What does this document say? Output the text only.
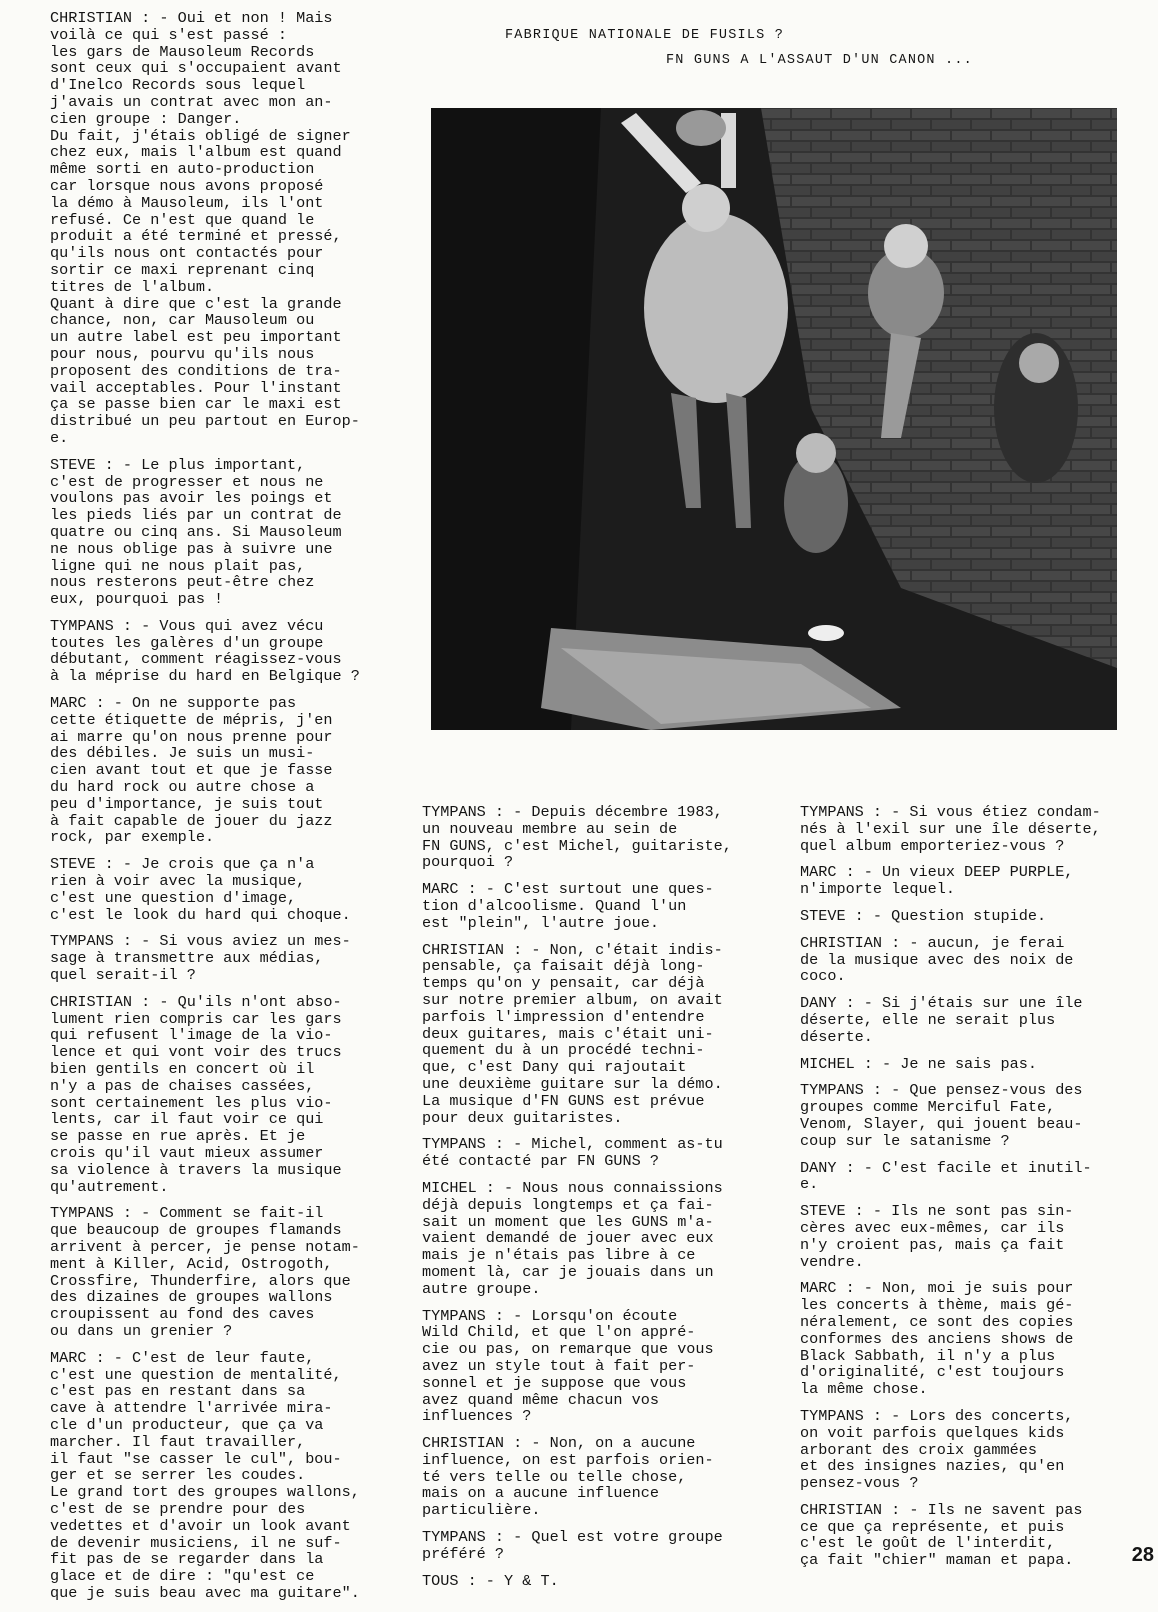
CHRISTIAN : - Oui et non ! Mais
voilà ce qui s'est passé :
les gars de Mausoleum Records
sont ceux qui s'occupaient avant
d'Inelco Records sous lequel
j'avais un contrat avec mon an-
cien groupe : Danger.
Du fait, j'étais obligé de signer
chez eux, mais l'album est quand
même sorti en auto-production
car lorsque nous avons proposé
la démo à Mausoleum, ils l'ont
refusé. Ce n'est que quand le
produit a été terminé et pressé,
qu'ils nous ont contactés pour
sortir ce maxi reprenant cinq
titres de l'album.
Quant à dire que c'est la grande
chance, non, car Mausoleum ou
un autre label est peu important
pour nous, pourvu qu'ils nous
proposent des conditions de tra-
vail acceptables. Pour l'instant
ça se passe bien car le maxi est
distribué un peu partout en Europ-
e.

STEVE : - Le plus important,
c'est de progresser et nous ne
voulons pas avoir les poings et
les pieds liés par un contrat de
quatre ou cinq ans. Si Mausoleum
ne nous oblige pas à suivre une
ligne qui ne nous plait pas,
nous resterons peut-être chez
eux, pourquoi pas !

TYMPANS : - Vous qui avez vécu
toutes les galères d'un groupe
débutant, comment réagissez-vous
à la méprise du hard en Belgique ?

MARC : - On ne supporte pas
cette étiquette de mépris, j'en
ai marre qu'on nous prenne pour
des débiles. Je suis un musi-
cien avant tout et que je fasse
du hard rock ou autre chose a
peu d'importance, je suis tout
à fait capable de jouer du jazz
rock, par exemple.

STEVE : - Je crois que ça n'a
rien à voir avec la musique,
c'est une question d'image,
c'est le look du hard qui choque.

TYMPANS : - Si vous aviez un mes-
sage à transmettre aux médias,
quel serait-il ?

CHRISTIAN : - Qu'ils n'ont abso-
lument rien compris car les gars
qui refusent l'image de la vio-
lence et qui vont voir des trucs
bien gentils en concert où il
n'y a pas de chaises cassées,
sont certainement les plus vio-
lents, car il faut voir ce qui
se passe en rue après. Et je
crois qu'il vaut mieux assumer
sa violence à travers la musique
qu'autrement.

TYMPANS : - Comment se fait-il
que beaucoup de groupes flamands
arrivent à percer, je pense notam-
ment à Killer, Acid, Ostrogoth,
Crossfire, Thunderfire, alors que
des dizaines de groupes wallons
croupissent au fond des caves
ou dans un grenier ?

MARC : - C'est de leur faute,
c'est une question de mentalité,
c'est pas en restant dans sa
cave à attendre l'arrivée mira-
cle d'un producteur, que ça va
marcher. Il faut travailler,
il faut "se casser le cul", bou-
ger et se serrer les coudes.
Le grand tort des groupes wallons,
c'est de se prendre pour des
vedettes et d'avoir un look avant
de devenir musiciens, il ne suf-
fit pas de se regarder dans la
glace et de dire : "qu'est ce
que je suis beau avec ma guitare".

FABRIQUE NATIONALE DE FUSILS ?
FN GUNS A L'ASSAUT D'UN CANON ...

TYMPANS : - Depuis décembre 1983,
un nouveau membre au sein de
FN GUNS, c'est Michel, guitariste,
pourquoi ?

MARC : - C'est surtout une ques-
tion d'alcoolisme. Quand l'un
est "plein", l'autre joue.

CHRISTIAN : - Non, c'était indis-
pensable, ça faisait déjà long-
temps qu'on y pensait, car déjà
sur notre premier album, on avait
parfois l'impression d'entendre
deux guitares, mais c'était uni-
quement du à un procédé techni-
que, c'est Dany qui rajoutait
une deuxième guitare sur la démo.
La musique d'FN GUNS est prévue
pour deux guitaristes.

TYMPANS : - Michel, comment as-tu
été contacté par FN GUNS ?

MICHEL : - Nous nous connaissions
déjà depuis longtemps et ça fai-
sait un moment que les GUNS m'a-
vaient demandé de jouer avec eux
mais je n'étais pas libre à ce
moment là, car je jouais dans un
autre groupe.

TYMPANS : - Lorsqu'on écoute
Wild Child, et que l'on appré-
cie ou pas, on remarque que vous
avez un style tout à fait per-
sonnel et je suppose que vous
avez quand même chacun vos
influences ?

CHRISTIAN : - Non, on a aucune
influence, on est parfois orien-
té vers telle ou telle chose,
mais on a aucune influence
particulière.

TYMPANS : - Quel est votre groupe
préféré ?

TOUS : - Y & T.

TYMPANS : - Si vous étiez condam-
nés à l'exil sur une île déserte,
quel album emporteriez-vous ?

MARC : - Un vieux DEEP PURPLE,
n'importe lequel.

STEVE : - Question stupide.

CHRISTIAN : - aucun, je ferai
de la musique avec des noix de
coco.

DANY : - Si j'étais sur une île
déserte, elle ne serait plus
déserte.

MICHEL : - Je ne sais pas.

TYMPANS : - Que pensez-vous des
groupes comme Merciful Fate,
Venom, Slayer, qui jouent beau-
coup sur le satanisme ?

DANY : - C'est facile et inutil-
e.

STEVE : - Ils ne sont pas sin-
cères avec eux-mêmes, car ils
n'y croient pas, mais ça fait
vendre.

MARC : - Non, moi je suis pour
les concerts à thème, mais gé-
néralement, ce sont des copies
conformes des anciens shows de
Black Sabbath, il n'y a plus
d'originalité, c'est toujours
la même chose.

TYMPANS : - Lors des concerts,
on voit parfois quelques kids
arborant des croix gammées
et des insignes nazies, qu'en
pensez-vous ?

CHRISTIAN : - Ils ne savent pas
ce que ça représente, et puis
c'est le goût de l'interdit,
ça fait "chier" maman et papa.	28
